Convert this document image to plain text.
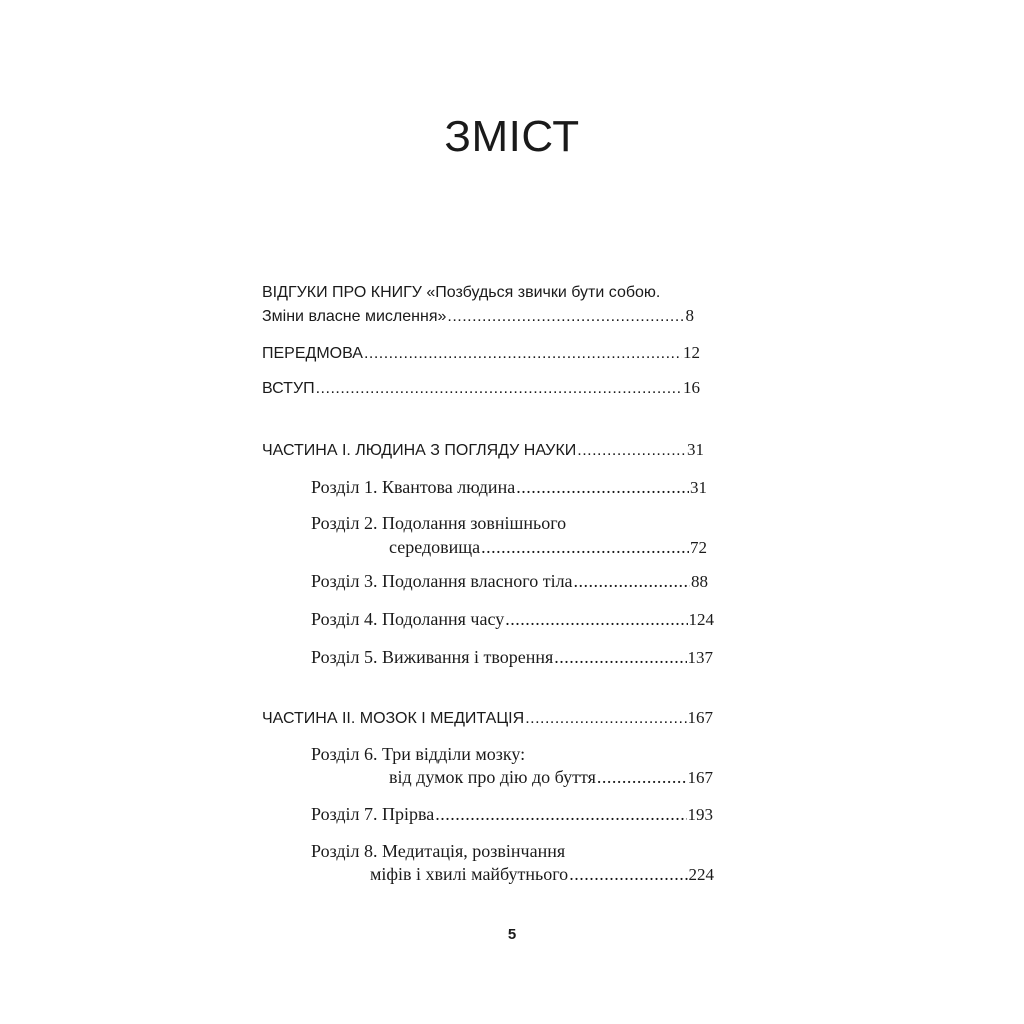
ЗМІСТ
ВІДГУКИ ПРО КНИГУ «Позбудься звички бути собою.
Зміни власне мислення» .....	8
ПЕРЕДМОВА .....	12
ВСТУП .....	16
ЧАСТИНА І. ЛЮДИНА З ПОГЛЯДУ НАУКИ .....	31
Розділ 1. Квантова людина .....	31
Розділ 2. Подолання зовнішнього
середовища .....	72
Розділ 3. Подолання власного тіла .....	88
Розділ 4. Подолання часу .....	124
Розділ 5. Виживання і творення .....	137
ЧАСТИНА ІІ. МОЗОК І МЕДИТАЦІЯ .....	167
Розділ 6. Три відділи мозку:
від думок про дію до буття .....	167
Розділ 7. Прірва .....	193
Розділ 8. Медитація, розвінчання
міфів і хвилі майбутнього .....	224
5
